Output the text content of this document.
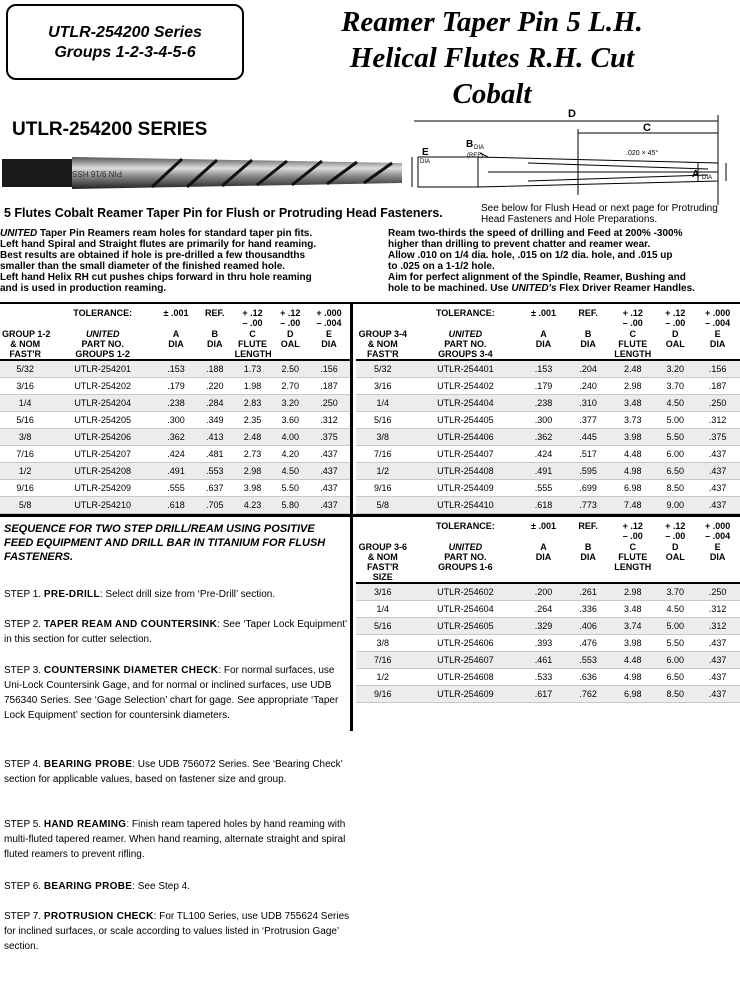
UTLR-254200 Series
Groups 1-2-3-4-5-6
Reamer Taper Pin 5 L.H.
Helical Flutes R.H. Cut
Cobalt
UTLR-254200 SERIES
PIN 9/16 HSS
D
C
B DIA
(REF)
E
DIA
A DIA
.020 × 45°
5 Flutes Cobalt Reamer Taper Pin for Flush or Protruding Head Fasteners.	See below for Flush Head or next page for Protruding Head Fasteners and Hole Preparations.
UNITED Taper Pin Reamers ream holes for standard taper pin fits.
Left hand Spiral and Straight flutes are primarily for hand reaming.
Best results are obtained if hole is pre-drilled a few thousandths
smaller than the small diameter of the finished reamed hole.
Left hand Helix RH cut pushes chips forward in thru hole reaming
and is used in production reaming.
Ream two-thirds the speed of drilling and Feed at 200% -300%
higher than drilling to prevent chatter and reamer wear.
Allow .010 on 1/4 dia. hole, .015 on 1/2 dia. hole, and .015 up
to .025 on a 1-1/2 hole.
Aim for perfect alignment of the Spindle, Reamer, Bushing and
hole to be machined. Use UNITED's Flex Driver Reamer Handles.
	TOLERANCE:	± .001	REF.	+ .12
– .00	+ .12
– .00	+ .000
– .004
GROUP 1-2
& NOM
FAST'R	UNITED
PART NO.
GROUPS 1-2	A
DIA	B
DIA	C
FLUTE
LENGTH	D
OAL	E
DIA
5/32	UTLR-254201	.153	.188	1.73	2.50	.156
3/16	UTLR-254202	.179	.220	1.98	2.70	.187
1/4	UTLR-254204	.238	.284	2.83	3.20	.250
5/16	UTLR-254205	.300	.349	2.35	3.60	.312
3/8	UTLR-254206	.362	.413	2.48	4.00	.375
7/16	UTLR-254207	.424	.481	2.73	4.20	.437
1/2	UTLR-254208	.491	.553	2.98	4.50	.437
9/16	UTLR-254209	.555	.637	3.98	5.50	.437
5/8	UTLR-254210	.618	.705	4.23	5.80	.437
	TOLERANCE:	± .001	REF.	+ .12
– .00	+ .12
– .00	+ .000
– .004
GROUP 3-4
& NOM
FAST'R	UNITED
PART NO.
GROUPS 3-4	A
DIA	B
DIA	C
FLUTE
LENGTH	D
OAL	E
DIA
5/32	UTLR-254401	.153	.204	2.48	3.20	.156
3/16	UTLR-254402	.179	.240	2.98	3.70	.187
1/4	UTLR-254404	.238	.310	3.48	4.50	.250
5/16	UTLR-254405	.300	.377	3.73	5.00	.312
3/8	UTLR-254406	.362	.445	3.98	5.50	.375
7/16	UTLR-254407	.424	.517	4.48	6.00	.437
1/2	UTLR-254408	.491	.595	4.98	6.50	.437
9/16	UTLR-254409	.555	.699	6.98	8.50	.437
5/8	UTLR-254410	.618	.773	7.48	9.00	.437
	TOLERANCE:	± .001	REF.	+ .12
– .00	+ .12
– .00	+ .000
– .004
GROUP 3-6
& NOM
FAST'R
SIZE	UNITED
PART NO.
GROUPS 1-6	A
DIA	B
DIA	C
FLUTE
LENGTH	D
OAL	E
DIA
3/16	UTLR-254602	.200	.261	2.98	3.70	.250
1/4	UTLR-254604	.264	.336	3.48	4.50	.312
5/16	UTLR-254605	.329	.406	3.74	5.00	.312
3/8	UTLR-254606	.393	.476	3.98	5.50	.437
7/16	UTLR-254607	.461	.553	4.48	6.00	.437
1/2	UTLR-254608	.533	.636	4.98	6.50	.437
9/16	UTLR-254609	.617	.762	6.98	8.50	.437
SEQUENCE FOR TWO STEP DRILL/REAM USING POSITIVE FEED EQUIPMENT AND DRILL BAR IN TITANIUM FOR FLUSH FASTENERS.
STEP 1. PRE-DRILL: Select drill size from ‘Pre-Drill’ section.
STEP 2. TAPER REAM AND COUNTERSINK: See ‘Taper Lock Equipment’ in this section for cutter selection.
STEP 3. COUNTERSINK DIAMETER CHECK: For normal surfaces, use Uni-Lock Countersink Gage, and for normal or inclined surfaces, use UDB 756340 Series. See ‘Gage Selection’ chart for gage. See appropriate ‘Taper Lock Equipment’ section for countersink diameters.
STEP 4. BEARING PROBE: Use UDB 756072 Series. See ‘Bearing Check’ section for applicable values, based on fastener size and group.
STEP 5. HAND REAMING: Finish ream tapered holes by hand reaming with multi-fluted tapered reamer. When hand reaming, alternate straight and spiral fluted reamers to prevent rifling.
STEP 6. BEARING PROBE: See Step 4.
STEP 7. PROTRUSION CHECK: For TL100 Series, use UDB 755624 Series for inclined surfaces, or scale according to values listed in ‘Protrusion Gage’ section.
